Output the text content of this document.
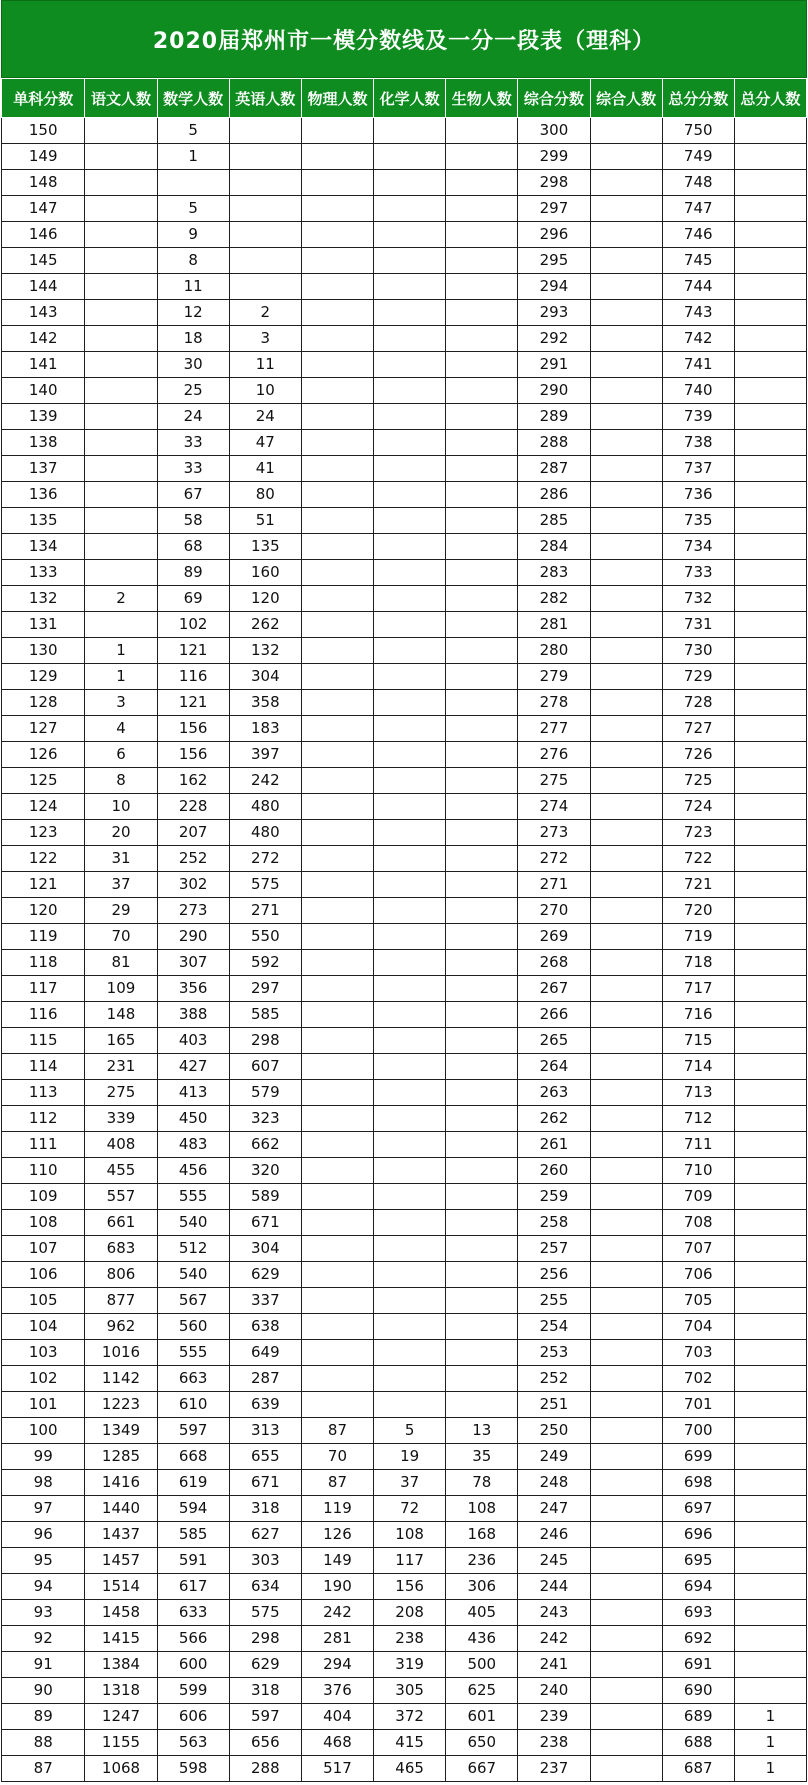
2020届郑州市一模分数线及一分一段表（理科）
单科分数	语文人数	数学人数	英语人数	物理人数	化学人数	生物人数	综合分数	综合人数	总分分数	总分人数
150		5					300		750	
149		1					299		749	
148							298		748	
147		5					297		747	
146		9					296		746	
145		8					295		745	
144		11					294		744	
143		12	2				293		743	
142		18	3				292		742	
141		30	11				291		741	
140		25	10				290		740	
139		24	24				289		739	
138		33	47				288		738	
137		33	41				287		737	
136		67	80				286		736	
135		58	51				285		735	
134		68	135				284		734	
133		89	160				283		733	
132	2	69	120				282		732	
131		102	262				281		731	
130	1	121	132				280		730	
129	1	116	304				279		729	
128	3	121	358				278		728	
127	4	156	183				277		727	
126	6	156	397				276		726	
125	8	162	242				275		725	
124	10	228	480				274		724	
123	20	207	480				273		723	
122	31	252	272				272		722	
121	37	302	575				271		721	
120	29	273	271				270		720	
119	70	290	550				269		719	
118	81	307	592				268		718	
117	109	356	297				267		717	
116	148	388	585				266		716	
115	165	403	298				265		715	
114	231	427	607				264		714	
113	275	413	579				263		713	
112	339	450	323				262		712	
111	408	483	662				261		711	
110	455	456	320				260		710	
109	557	555	589				259		709	
108	661	540	671				258		708	
107	683	512	304				257		707	
106	806	540	629				256		706	
105	877	567	337				255		705	
104	962	560	638				254		704	
103	1016	555	649				253		703	
102	1142	663	287				252		702	
101	1223	610	639				251		701	
100	1349	597	313	87	5	13	250		700	
99	1285	668	655	70	19	35	249		699	
98	1416	619	671	87	37	78	248		698	
97	1440	594	318	119	72	108	247		697	
96	1437	585	627	126	108	168	246		696	
95	1457	591	303	149	117	236	245		695	
94	1514	617	634	190	156	306	244		694	
93	1458	633	575	242	208	405	243		693	
92	1415	566	298	281	238	436	242		692	
91	1384	600	629	294	319	500	241		691	
90	1318	599	318	376	305	625	240		690	
89	1247	606	597	404	372	601	239		689	1
88	1155	563	656	468	415	650	238		688	1
87	1068	598	288	517	465	667	237		687	1
